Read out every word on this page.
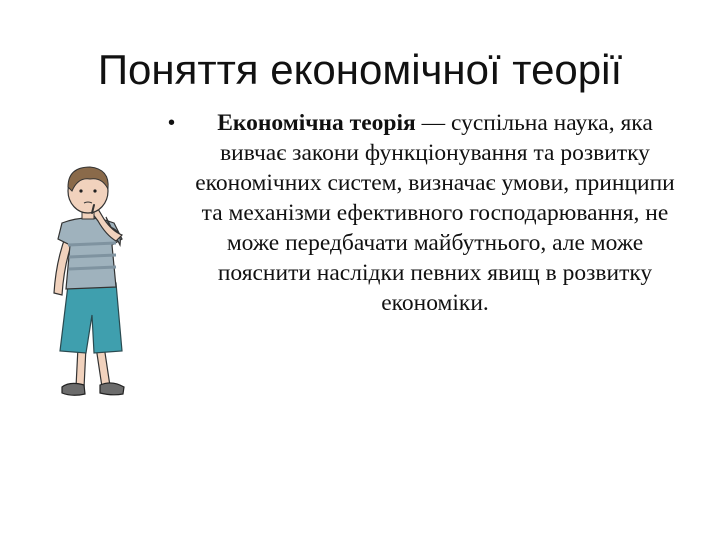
Поняття економічної теорії
•	Економічна теорія — суспільна наука, яка вивчає закони функціонування та розвитку економічних систем, визначає умови, принципи та механізми ефективного господарювання, не може передбачати майбутнього, але може пояснити наслідки певних явищ в розвитку економіки.
